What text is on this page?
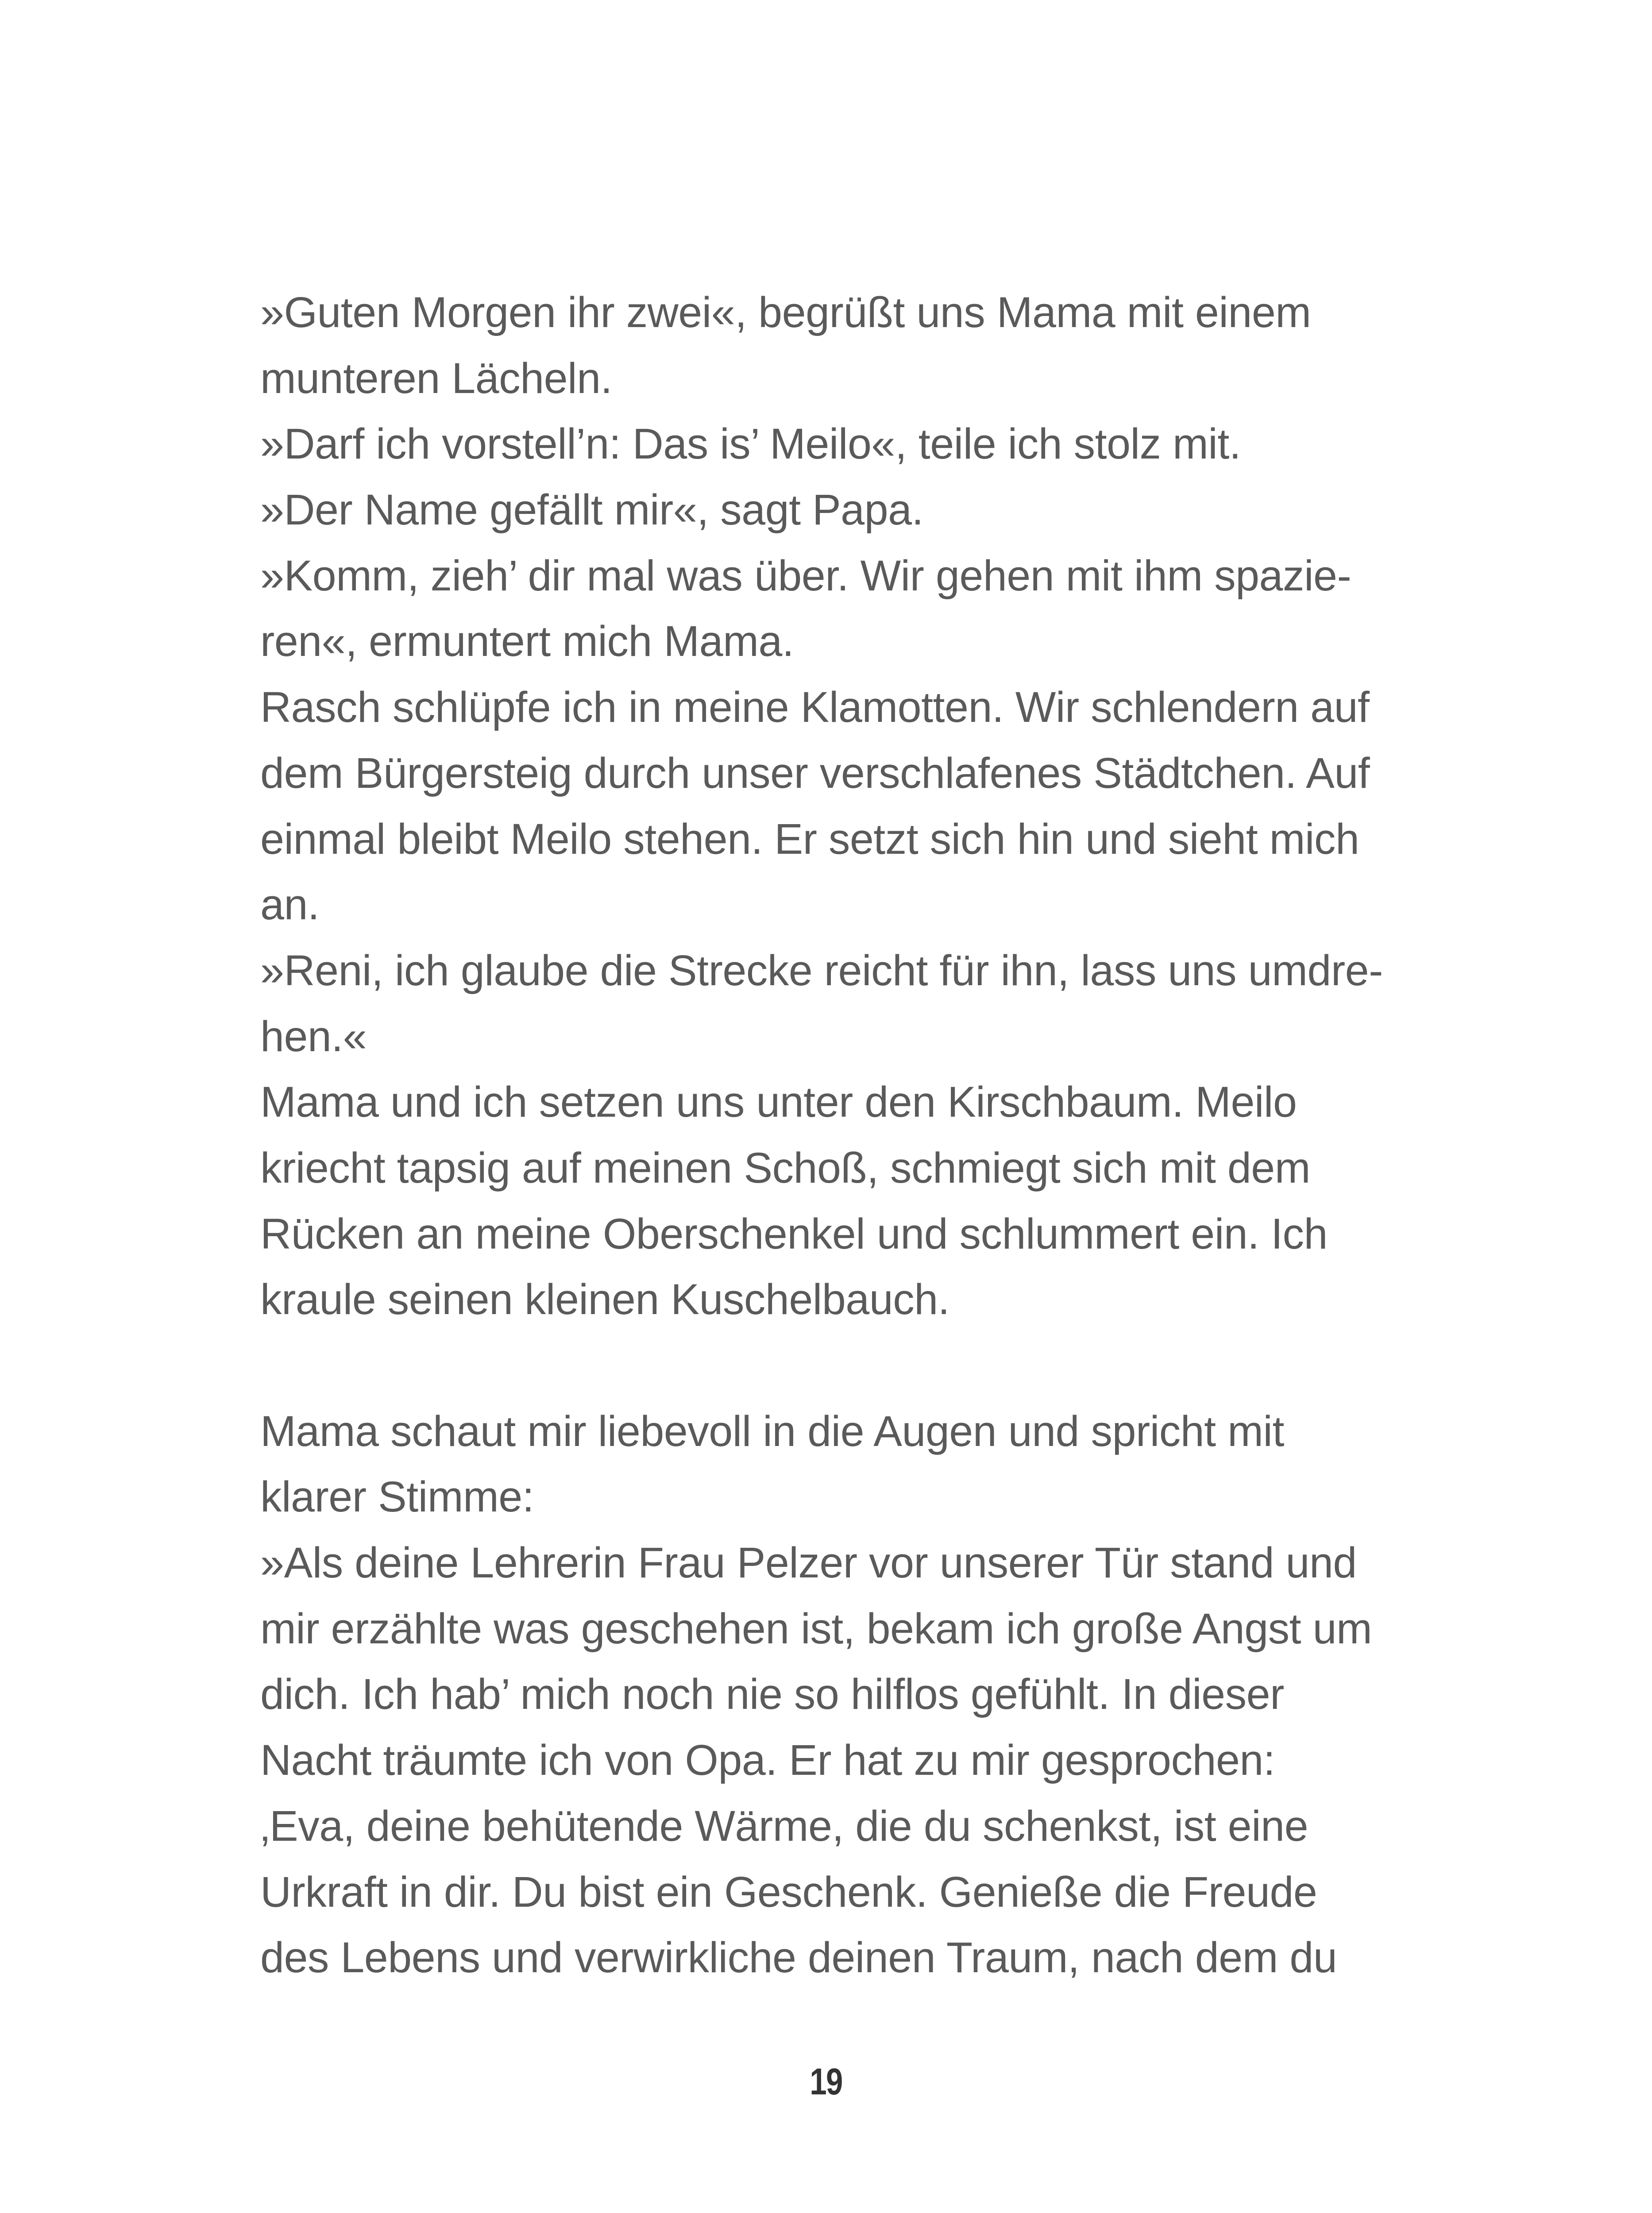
»Guten Morgen ihr zwei«, begrüßt uns Mama mit einem
munteren Lächeln.
»Darf ich vorstell’n: Das is’ Meilo«, teile ich stolz mit.
»Der Name gefällt mir«, sagt Papa.
»Komm, zieh’ dir mal was über. Wir gehen mit ihm spazie-
ren«, ermuntert mich Mama.
Rasch schlüpfe ich in meine Klamotten. Wir schlendern auf
dem Bürgersteig durch unser verschlafenes Städtchen. Auf
einmal bleibt Meilo stehen. Er setzt sich hin und sieht mich
an.
»Reni, ich glaube die Strecke reicht für ihn, lass uns umdre-
hen.«
Mama und ich setzen uns unter den Kirschbaum. Meilo
kriecht tapsig auf meinen Schoß, schmiegt sich mit dem
Rücken an meine Oberschenkel und schlummert ein. Ich
kraule seinen kleinen Kuschelbauch.
Mama schaut mir liebevoll in die Augen und spricht mit
klarer Stimme:
»Als deine Lehrerin Frau Pelzer vor unserer Tür stand und
mir erzählte was geschehen ist, bekam ich große Angst um
dich. Ich hab’ mich noch nie so hilflos gefühlt. In dieser
Nacht träumte ich von Opa. Er hat zu mir gesprochen:
‚Eva, deine behütende Wärme, die du schenkst, ist eine
Urkraft in dir. Du bist ein Geschenk. Genieße die Freude
des Lebens und verwirkliche deinen Traum, nach dem du
19
